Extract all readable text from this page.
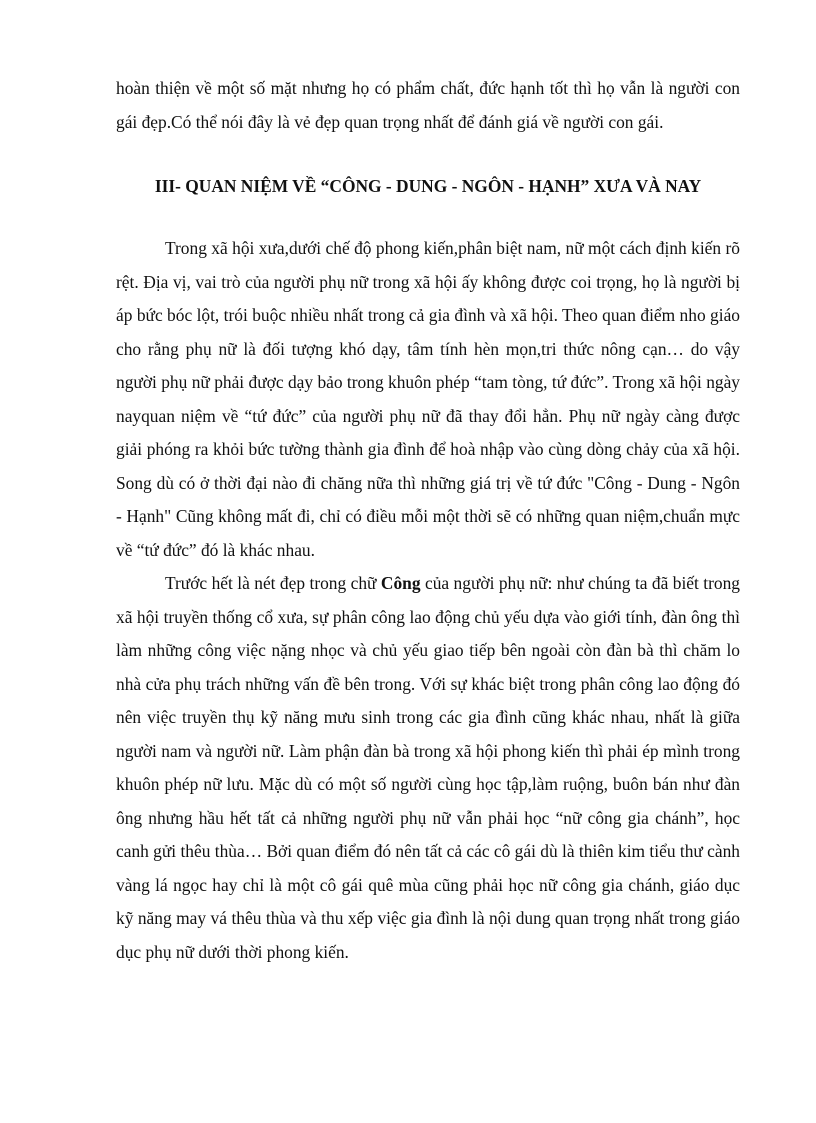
hoàn thiện về một số mặt nhưng họ có phẩm chất, đức hạnh tốt thì họ vẫn là người con gái đẹp.Có thể nói đây là vẻ đẹp quan trọng nhất để đánh giá về người con gái.

III- QUAN NIỆM VỀ “CÔNG - DUNG - NGÔN - HẠNH” XƯA VÀ NAY

Trong xã hội xưa,dưới chế độ phong kiến,phân biệt nam, nữ một cách định kiến rõ rệt. Địa vị, vai trò của người phụ nữ trong xã hội ấy không được coi trọng, họ là người bị áp bức bóc lột, trói buộc nhiều nhất trong cả gia đình và xã hội. Theo quan điểm nho giáo cho rằng phụ nữ là đối tượng khó dạy, tâm tính hèn mọn,tri thức nông cạn… do vậy người phụ nữ phải được dạy bảo trong khuôn phép “tam tòng, tứ đức”. Trong xã hội ngày nayquan niệm về “tứ đức” của người phụ nữ đã thay đổi hẳn. Phụ nữ ngày càng được giải phóng ra khỏi bức tường thành gia đình để hoà nhập vào cùng dòng chảy của xã hội. Song dù có ở thời đại nào đi chăng nữa thì những giá trị về tứ đức "Công - Dung - Ngôn - Hạnh" Cũng không mất đi, chỉ có điều mỗi một thời sẽ có những quan niệm,chuẩn mực về “tứ đức” đó là khác nhau.

Trước hết là nét đẹp trong chữ Công của người phụ nữ: như chúng ta đã biết trong xã hội truyền thống cổ xưa, sự phân công lao động chủ yếu dựa vào giới tính, đàn ông thì làm những công việc nặng nhọc và chủ yếu giao tiếp bên ngoài còn đàn bà thì chăm lo nhà cửa phụ trách những vấn đề bên trong. Với sự khác biệt trong phân công lao động đó nên việc truyền thụ kỹ năng mưu sinh trong các gia đình cũng khác nhau, nhất là giữa người nam và người nữ. Làm phận đàn bà trong xã hội phong kiến thì phải ép mình trong khuôn phép nữ lưu. Mặc dù có một số người cùng học tập,làm ruộng, buôn bán như đàn ông nhưng hầu hết tất cả những người phụ nữ vẫn phải học “nữ công gia chánh”, học canh gửi thêu thùa… Bởi quan điểm đó nên tất cả các cô gái dù là thiên kim tiểu thư cành vàng lá ngọc hay chỉ là một cô gái quê mùa cũng phải học nữ công gia chánh, giáo dục kỹ năng may vá thêu thùa và thu xếp việc gia đình là nội dung quan trọng nhất trong giáo dục phụ nữ dưới thời phong kiến.
